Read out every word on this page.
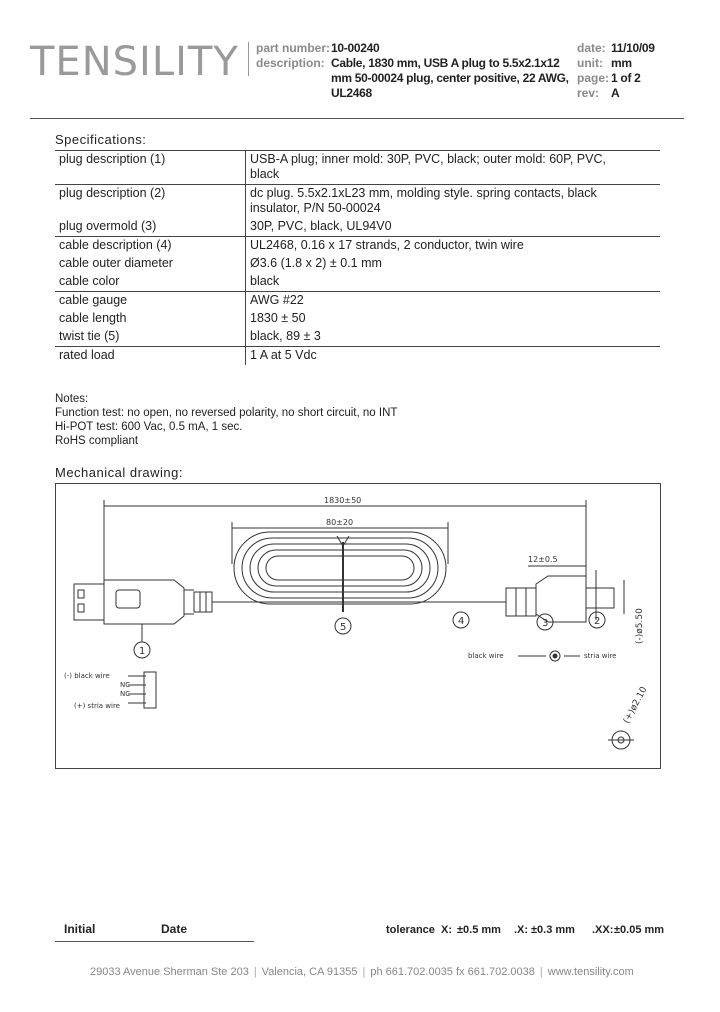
TENSILITY part number: 10-00240
description: Cable, 1830 mm, USB A plug to 5.5x2.1x12
mm 50-00024 plug, center positive, 22 AWG,
UL2468
date: 11/10/09
unit: mm
page: 1 of 2
rev: A
Specifications:
plug description (1)	USB-A plug; inner mold: 30P, PVC, black; outer mold: 60P, PVC,
black

plug description (2)	dc plug. 5.5x2.1xL23 mm, molding style. spring contacts, black
insulator, P/N 50-00024

plug overmold (3)	30P, PVC, black, UL94V0

cable description (4)	UL2468, 0.16 x 17 strands, 2 conductor, twin wire

cable outer diameter	Ø3.6 (1.8 x 2) ± 0.1 mm

cable color	black

cable gauge	AWG #22

cable length	1830 ± 50

twist tie (5)	black, 89 ± 3

rated load	1 A at 5 Vdc
Notes:
Function test: no open, no reversed polarity, no short circuit, no INT
Hi-POT test: 600 Vac, 0.5 mA, 1 sec.
RoHS compliant
Mechanical drawing:
1830±50
80±20
12±0.5
(-)ø5.50
1
5
4	3	2
(-) black wire
NC
NC
(+) stria wire
black wire	stria wire
(+)ø2.10
Initial	Date	tolerance X: ±0.5 mm .X: ±0.3 mm .XX: ±0.05 mm
29033 Avenue Sherman Ste 203 | Valencia, CA 91355 | ph 661.702.0035 fx 661.702.0038 | www.tensility.com
